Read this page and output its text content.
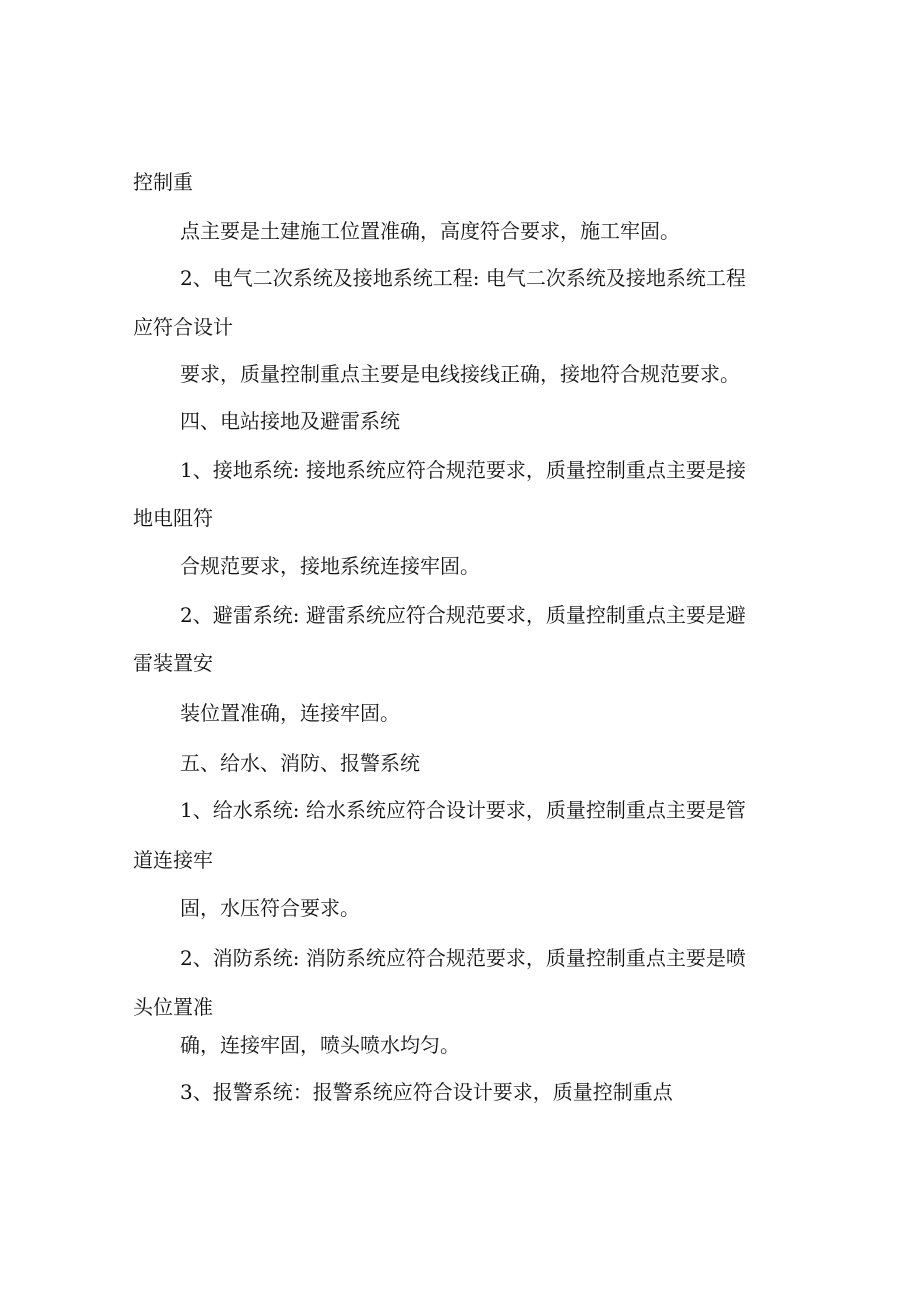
控制重
点主要是土建施工位置准确，高度符合要求，施工牢固。
2、电气二次系统及接地系统工程: 电气二次系统及接地系统工程
应符合设计
要求，质量控制重点主要是电线接线正确，接地符合规范要求。
四、电站接地及避雷系统
1、接地系统: 接地系统应符合规范要求，质量控制重点主要是接
地电阻符
合规范要求，接地系统连接牢固。
2、避雷系统: 避雷系统应符合规范要求，质量控制重点主要是避
雷装置安
装位置准确，连接牢固。
五、给水、消防、报警系统
1、给水系统: 给水系统应符合设计要求，质量控制重点主要是管
道连接牢
固，水压符合要求。
2、消防系统: 消防系统应符合规范要求，质量控制重点主要是喷
头位置准
确，连接牢固，喷头喷水均匀。
3、报警系统：报警系统应符合设计要求，质量控制重点
